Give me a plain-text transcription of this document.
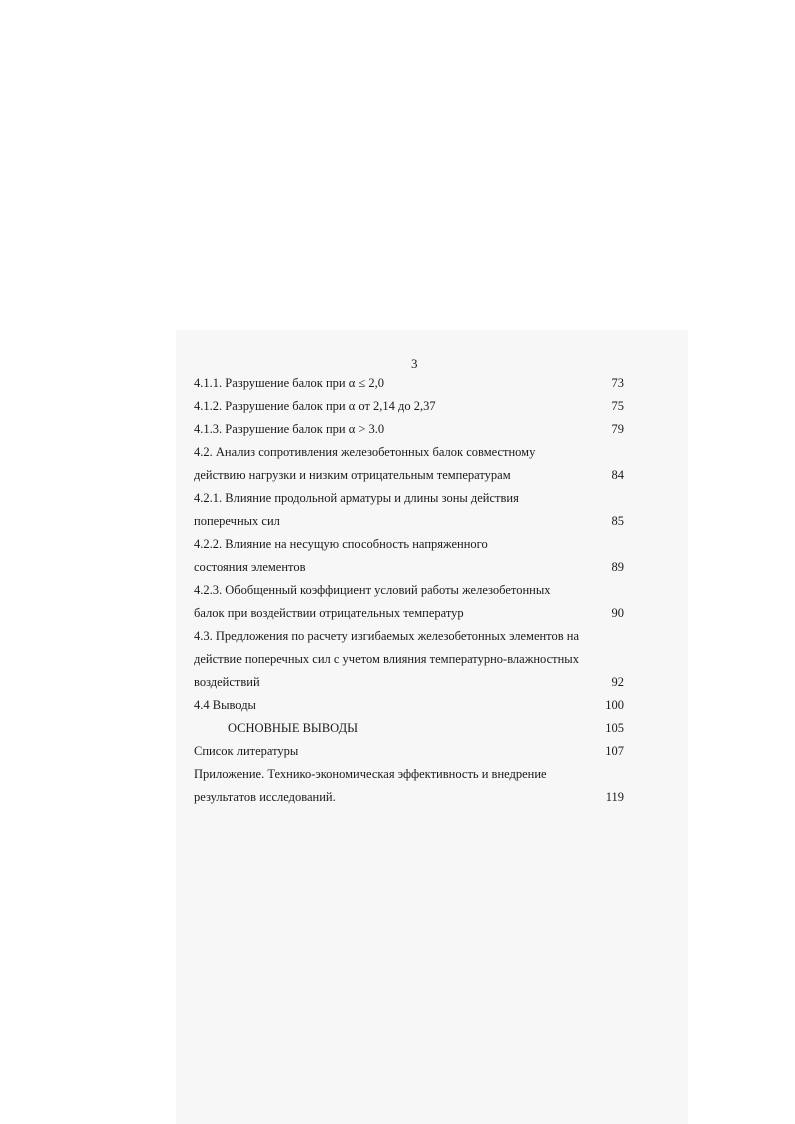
3
4.1.1. Разрушение балок при α ≤ 2,0	73
4.1.2. Разрушение балок при α от 2,14 до 2,37	75
4.1.3. Разрушение балок при α > 3.0	79
4.2. Анализ сопротивления железобетонных балок совместному
действию нагрузки и низким отрицательным температурам	84
4.2.1. Влияние продольной арматуры и длины зоны действия
поперечных сил	85
4.2.2. Влияние на несущую способность напряженного
состояния элементов	89
4.2.3. Обобщенный коэффициент условий работы железобетонных
балок при воздействии отрицательных температур	90
4.3. Предложения по расчету изгибаемых железобетонных элементов на
действие поперечных сил с учетом влияния температурно-влажностных
воздействий	92
4.4 Выводы	100
ОСНОВНЫЕ ВЫВОДЫ	105
Список литературы	107
Приложение. Технико-экономическая эффективность и внедрение
результатов исследований.	119
